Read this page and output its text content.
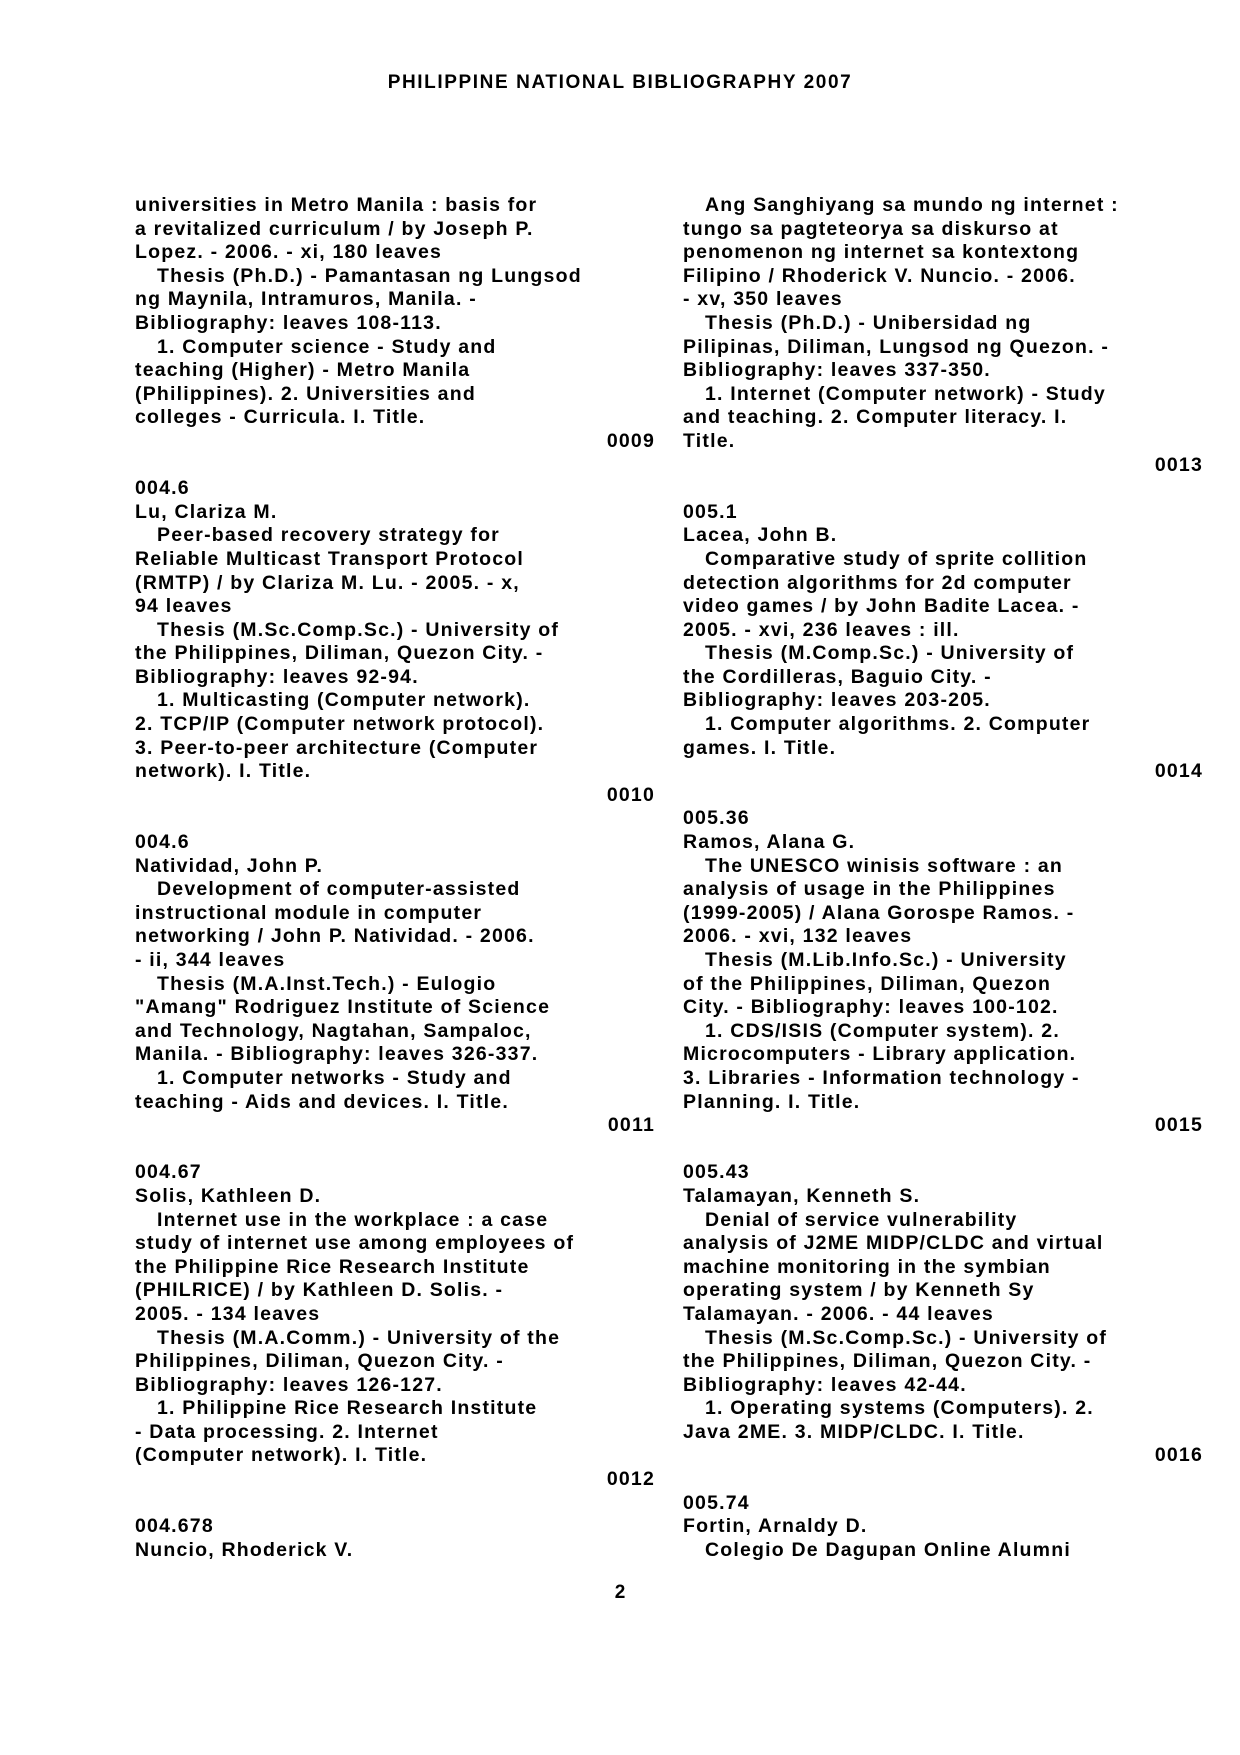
PHILIPPINE NATIONAL BIBLIOGRAPHY 2007
universities in Metro Manila : basis for
a revitalized curriculum / by Joseph P.
Lopez. - 2006. - xi, 180 leaves
Thesis (Ph.D.) - Pamantasan ng Lungsod
ng Maynila, Intramuros, Manila. -
Bibliography: leaves 108-113.
1. Computer science - Study and
teaching (Higher) - Metro Manila
(Philippines). 2. Universities and
colleges - Curricula. I. Title.
0009
004.6
Lu, Clariza M.
Peer-based recovery strategy for
Reliable Multicast Transport Protocol
(RMTP) / by Clariza M. Lu. - 2005. - x,
94 leaves
Thesis (M.Sc.Comp.Sc.) - University of
the Philippines, Diliman, Quezon City. -
Bibliography: leaves 92-94.
1. Multicasting (Computer network).
2. TCP/IP (Computer network protocol).
3. Peer-to-peer architecture (Computer
network). I. Title.
0010
004.6
Natividad, John P.
Development of computer-assisted
instructional module in computer
networking / John P. Natividad. - 2006.
- ii, 344 leaves
Thesis (M.A.Inst.Tech.) - Eulogio
"Amang" Rodriguez Institute of Science
and Technology, Nagtahan, Sampaloc,
Manila. - Bibliography: leaves 326-337.
1. Computer networks - Study and
teaching - Aids and devices. I. Title.
0011
004.67
Solis, Kathleen D.
Internet use in the workplace : a case
study of internet use among employees of
the Philippine Rice Research Institute
(PHILRICE) / by Kathleen D. Solis. -
2005. - 134 leaves
Thesis (M.A.Comm.) - University of the
Philippines, Diliman, Quezon City. -
Bibliography: leaves 126-127.
1. Philippine Rice Research Institute
- Data processing. 2. Internet
(Computer network). I. Title.
0012
004.678
Nuncio, Rhoderick V.
Ang Sanghiyang sa mundo ng internet :
tungo sa pagteteorya sa diskurso at
penomenon ng internet sa kontextong
Filipino / Rhoderick V. Nuncio. - 2006.
- xv, 350 leaves
Thesis (Ph.D.) - Unibersidad ng
Pilipinas, Diliman, Lungsod ng Quezon. -
Bibliography: leaves 337-350.
1. Internet (Computer network) - Study
and teaching. 2. Computer literacy. I.
Title.
0013
005.1
Lacea, John B.
Comparative study of sprite collition
detection algorithms for 2d computer
video games / by John Badite Lacea. -
2005. - xvi, 236 leaves : ill.
Thesis (M.Comp.Sc.) - University of
the Cordilleras, Baguio City. -
Bibliography: leaves 203-205.
1. Computer algorithms. 2. Computer
games. I. Title.
0014
005.36
Ramos, Alana G.
The UNESCO winisis software : an
analysis of usage in the Philippines
(1999-2005) / Alana Gorospe Ramos. -
2006. - xvi, 132 leaves
Thesis (M.Lib.Info.Sc.) - University
of the Philippines, Diliman, Quezon
City. - Bibliography: leaves 100-102.
1. CDS/ISIS (Computer system). 2.
Microcomputers - Library application.
3. Libraries - Information technology -
Planning. I. Title.
0015
005.43
Talamayan, Kenneth S.
Denial of service vulnerability
analysis of J2ME MIDP/CLDC and virtual
machine monitoring in the symbian
operating system / by Kenneth Sy
Talamayan. - 2006. - 44 leaves
Thesis (M.Sc.Comp.Sc.) - University of
the Philippines, Diliman, Quezon City. -
Bibliography: leaves 42-44.
1. Operating systems (Computers). 2.
Java 2ME. 3. MIDP/CLDC. I. Title.
0016
005.74
Fortin, Arnaldy D.
Colegio De Dagupan Online Alumni
2
